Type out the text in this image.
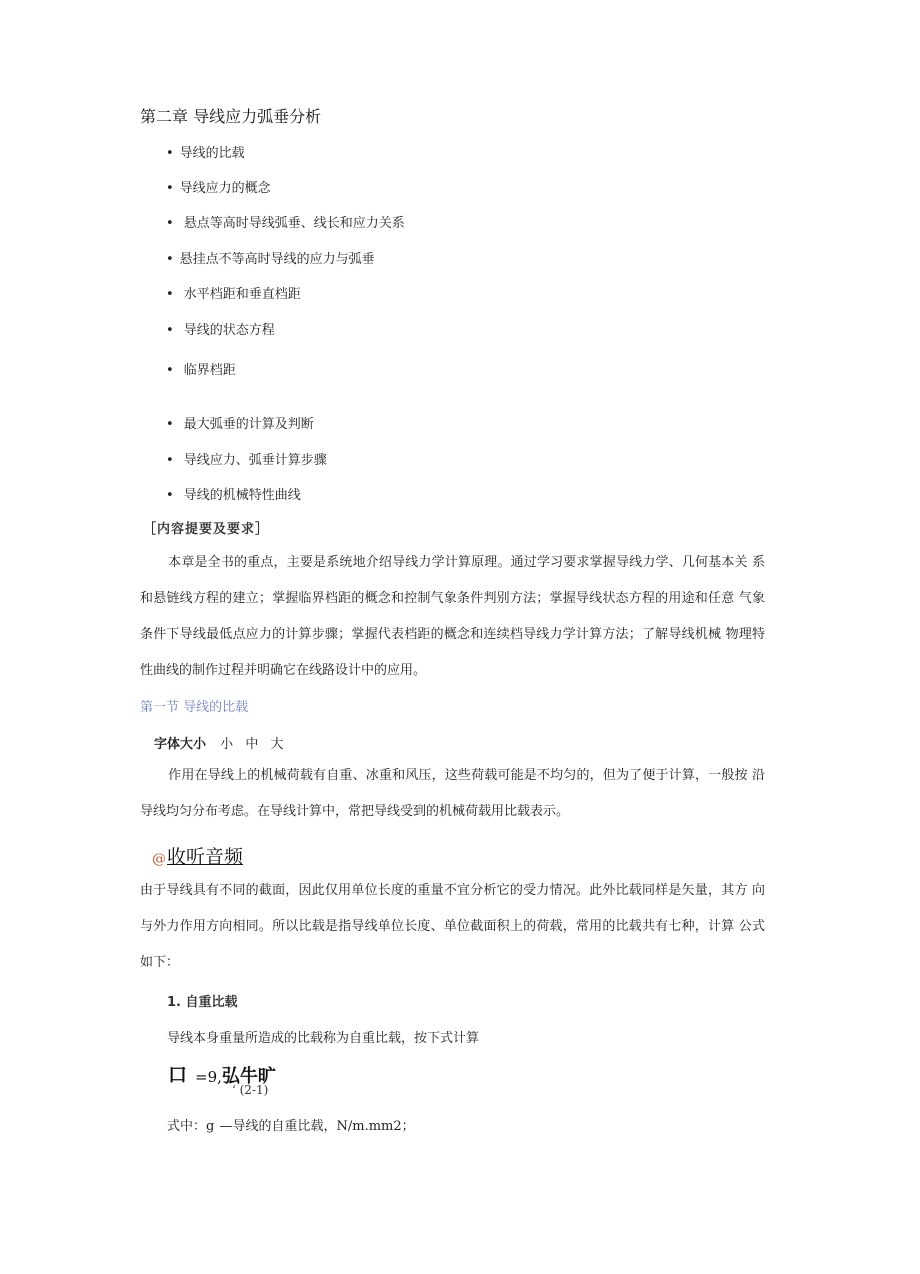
第二章 导线应力弧垂分析
• 导线的比载
• 导线应力的概念
• 悬点等高时导线弧垂、线长和应力关系
• 悬挂点不等高时导线的应力与弧垂
• 水平档距和垂直档距
• 导线的状态方程
• 临界档距
• 最大弧垂的计算及判断
• 导线应力、弧垂计算步骤
• 导线的机械特性曲线
［内容提要及要求］
本章是全书的重点，主要是系统地介绍导线力学计算原理。通过学习要求掌握导线力学、几何基本关 系和悬链线方程的建立；掌握临界档距的概念和控制气象条件判别方法；掌握导线状态方程的用途和任意 气象条件下导线最低点应力的计算步骤；掌握代表档距的概念和连续档导线力学计算方法；了解导线机械 物理特性曲线的制作过程并明确它在线路设计中的应用。
第一节 导线的比载
字体大小 小 中 大
作用在导线上的机械荷载有自重、冰重和风压，这些荷载可能是不均匀的，但为了便于计算，一般按 沿导线均匀分布考虑。在导线计算中，常把导线受到的机械荷载用比载表示。
@收听音频
由于导线具有不同的截面，因此仅用单位长度的重量不宜分析它的受力情况。此外比载同样是矢量，其方 向与外力作用方向相同。所以比载是指导线单位长度、单位截面积上的荷载，常用的比载共有七种，计算 公式如下：
1. 自重比载
导线本身重量所造成的比载称为自重比载，按下式计算
口 =9,弘牛旷
‘ (2-1)
式中：g  —导线的自重比载，N/m.mm2；
